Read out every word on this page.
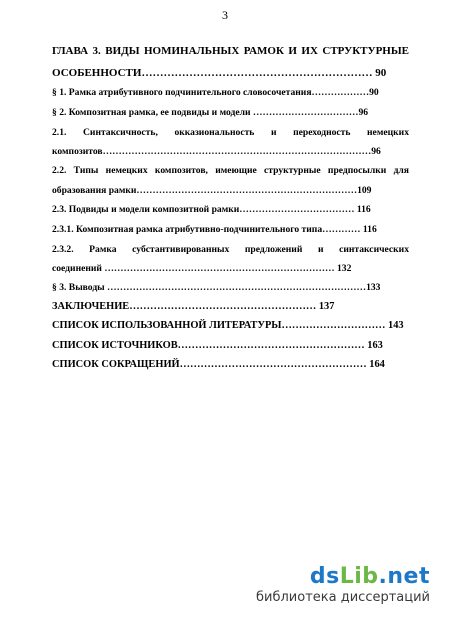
3
ГЛАВА 3. ВИДЫ НОМИНАЛЬНЫХ РАМОК И ИХ СТРУКТУРНЫЕ
ОСОБЕННОСТИ……………………………………………………… 90
§ 1. Рамка атрибутивного подчинительного словосочетания………………90
§ 2. Композитная рамка, ее подвиды и модели ……………………………96
2.1. Синтаксичность, окказиональность и переходность немецких
композитов…………………………………………………………………………96
2.2. Типы немецких композитов, имеющие структурные предпосылки для
образования рамки……………………………………………………………109
2.3. Подвиды и модели композитной рамки……………………………… 116
2.3.1. Композитная рамка атрибутивно-подчинительного типа………… 116
2.3.2. Рамка субстантивированных предложений и синтаксических
соединений ……………………………………………………………… 132
§ 3. Выводы ………………………………………………………………………133
ЗАКЛЮЧЕНИЕ……………………………………………… 137
СПИСОК ИСПОЛЬЗОВАННОЙ ЛИТЕРАТУРЫ………………………… 143
СПИСОК ИСТОЧНИКОВ……………………………………………… 163
СПИСОК СОКРАЩЕНИЙ……………………………………………… 164
dsLib.net
библиотека диссертаций
